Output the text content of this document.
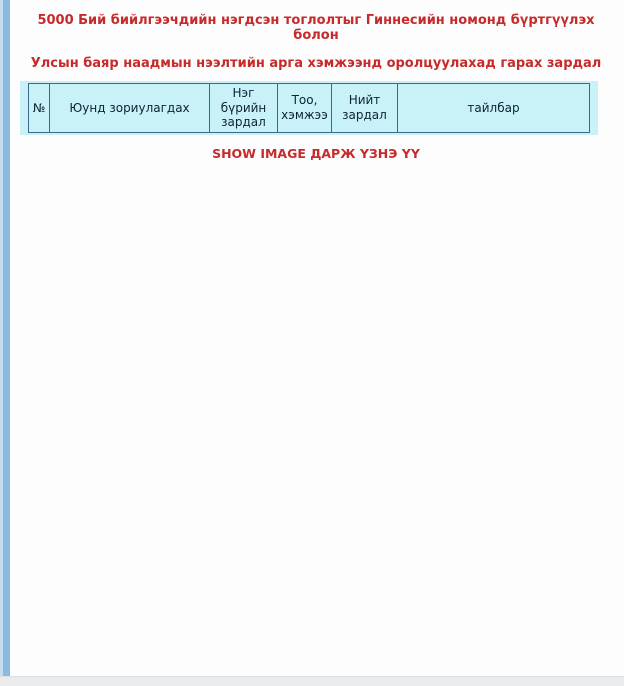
5000 Бий бийлгээчдийн нэгдсэн тоглолтыг Гиннесийн номонд бүртгүүлэх болон
Улсын баяр наадмын нээлтийн арга хэмжээнд оролцуулахад гарах зардал
№	Юунд зориулагдах	Нэг бүрийн зардал	Тоо, хэмжээ	Нийт зардал	тайлбар
SHOW IMAGE ДАРЖ ҮЗНЭ ҮҮ
